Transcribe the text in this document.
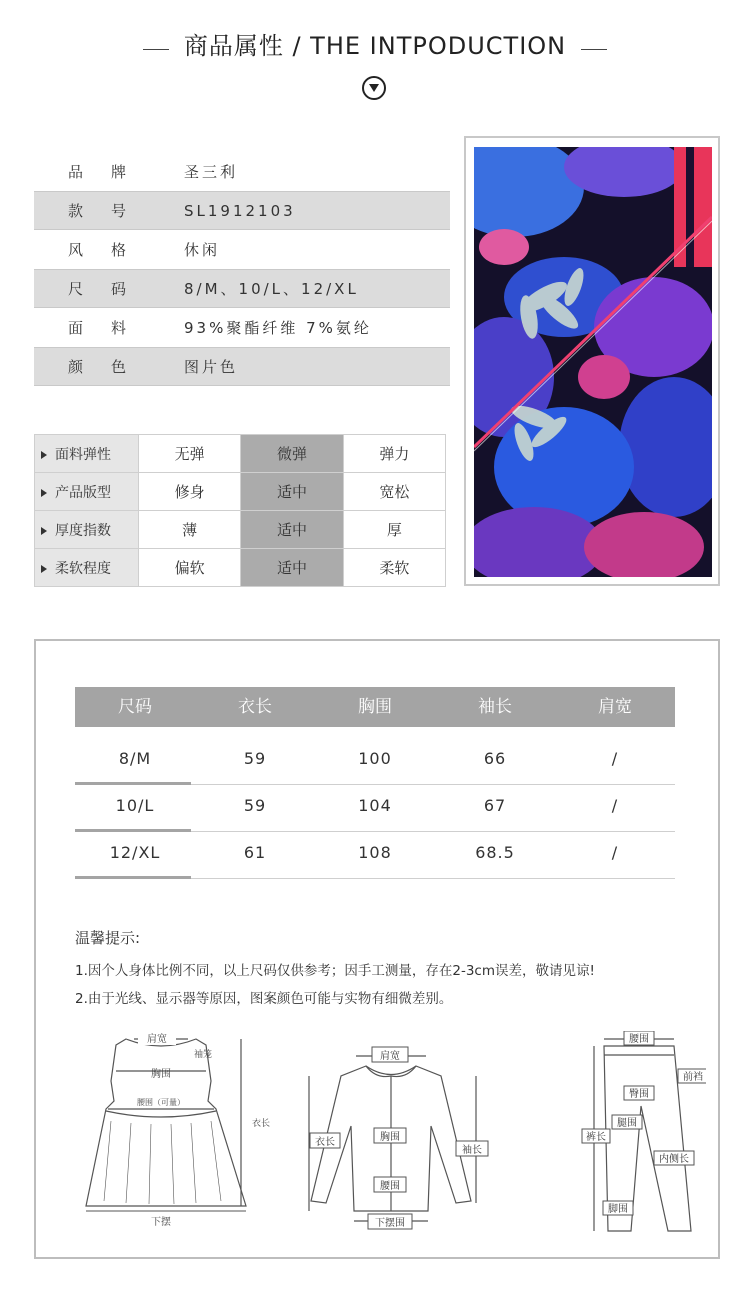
商品属性 / THE INTPODUCTION
品牌	圣三利
款号	SL1912103
风格	休闲
尺码	8/M、10/L、12/XL
面料	93%聚酯纤维 7%氨纶
颜色	图片色
面料弹性	无弹	微弹	弹力
产品版型	修身	适中	宽松
厚度指数	薄	适中	厚
柔软程度	偏软	适中	柔软
尺码	衣长	胸围	袖长	肩宽
8/M	59	100	66	/
10/L	59	104	67	/
12/XL	61	108	68.5	/
温馨提示:
1.因个人身体比例不同，以上尺码仅供参考；因手工测量，存在2-3cm误差，敬请见谅!
2.由于光线、显示器等原因，图案颜色可能与实物有细微差别。
肩宽
袖笼
胸围
腰围（可量）
衣长
下摆
肩宽
衣长	胸围
袖长
腰围
下摆围
腰围
前裆
臀围
腿围
裤长
内侧长
脚围
